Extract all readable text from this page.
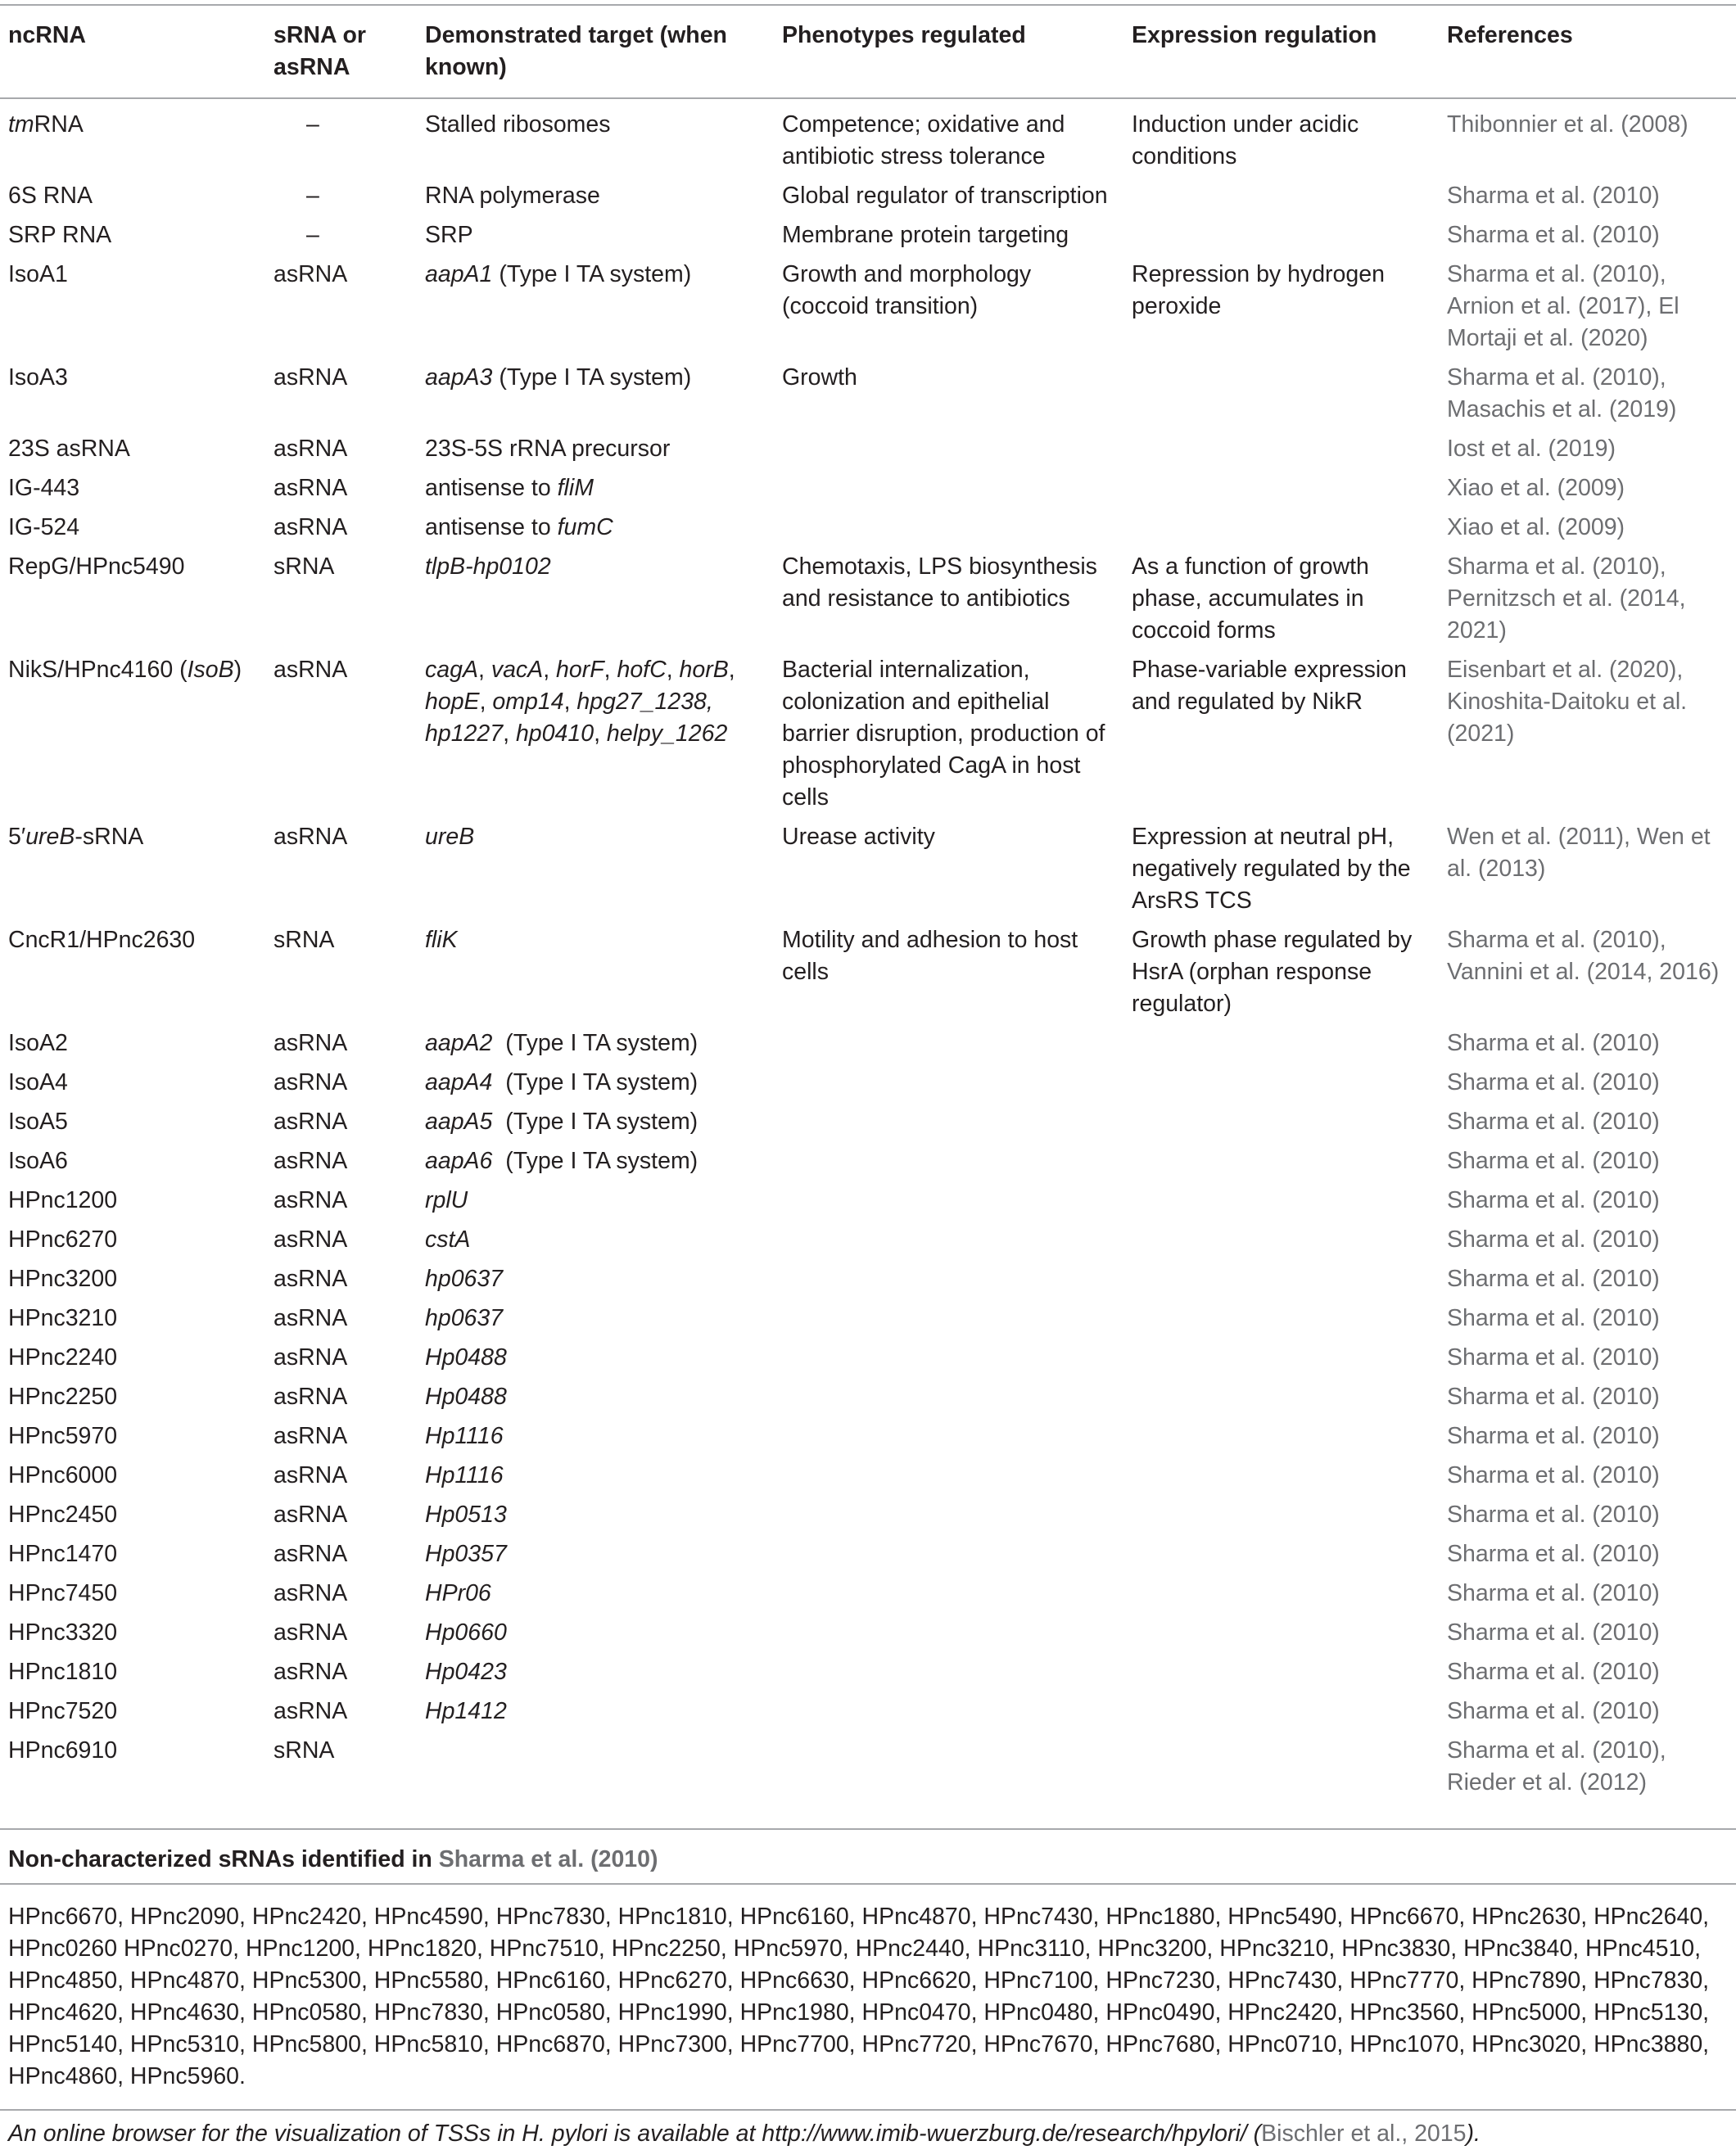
ncRNA	sRNA or asRNA	Demonstrated target (when known)	Phenotypes regulated	Expression regulation	References
tmRNA	–	Stalled ribosomes	Competence; oxidative and antibiotic stress tolerance	Induction under acidic conditions	Thibonnier et al. (2008)
6S RNA	–	RNA polymerase	Global regulator of transcription		Sharma et al. (2010)
SRP RNA	–	SRP	Membrane protein targeting		Sharma et al. (2010)
IsoA1	asRNA	aapA1 (Type I TA system)	Growth and morphology (coccoid transition)	Repression by hydrogen peroxide	Sharma et al. (2010), Arnion et al. (2017), El Mortaji et al. (2020)
IsoA3	asRNA	aapA3 (Type I TA system)	Growth		Sharma et al. (2010), Masachis et al. (2019)
23S asRNA	asRNA	23S-5S rRNA precursor			Iost et al. (2019)
IG-443	asRNA	antisense to fliM			Xiao et al. (2009)
IG-524	asRNA	antisense to fumC			Xiao et al. (2009)
RepG/HPnc5490	sRNA	tlpB-hp0102	Chemotaxis, LPS biosynthesis and resistance to antibiotics	As a function of growth phase, accumulates in coccoid forms	Sharma et al. (2010), Pernitzsch et al. (2014, 2021)
NikS/HPnc4160 (IsoB)	asRNA	cagA, vacA, horF, hofC, horB, hopE, omp14, hpg27_1238, hp1227, hp0410, helpy_1262	Bacterial internalization, colonization and epithelial barrier disruption, production of phosphorylated CagA in host cells	Phase-variable expression and regulated by NikR	Eisenbart et al. (2020), Kinoshita-Daitoku et al. (2021)
5′ureB-sRNA	asRNA	ureB	Urease activity	Expression at neutral pH, negatively regulated by the ArsRS TCS	Wen et al. (2011), Wen et al. (2013)
CncR1/HPnc2630	sRNA	fliK	Motility and adhesion to host cells	Growth phase regulated by HsrA (orphan response regulator)	Sharma et al. (2010), Vannini et al. (2014, 2016)
IsoA2	asRNA	aapA2  (Type I TA system)			Sharma et al. (2010)
IsoA4	asRNA	aapA4  (Type I TA system)			Sharma et al. (2010)
IsoA5	asRNA	aapA5  (Type I TA system)			Sharma et al. (2010)
IsoA6	asRNA	aapA6  (Type I TA system)			Sharma et al. (2010)
HPnc1200	asRNA	rplU			Sharma et al. (2010)
HPnc6270	asRNA	cstA			Sharma et al. (2010)
HPnc3200	asRNA	hp0637			Sharma et al. (2010)
HPnc3210	asRNA	hp0637			Sharma et al. (2010)
HPnc2240	asRNA	Hp0488			Sharma et al. (2010)
HPnc2250	asRNA	Hp0488			Sharma et al. (2010)
HPnc5970	asRNA	Hp1116			Sharma et al. (2010)
HPnc6000	asRNA	Hp1116			Sharma et al. (2010)
HPnc2450	asRNA	Hp0513			Sharma et al. (2010)
HPnc1470	asRNA	Hp0357			Sharma et al. (2010)
HPnc7450	asRNA	HPr06			Sharma et al. (2010)
HPnc3320	asRNA	Hp0660			Sharma et al. (2010)
HPnc1810	asRNA	Hp0423			Sharma et al. (2010)
HPnc7520	asRNA	Hp1412			Sharma et al. (2010)
HPnc6910	sRNA				Sharma et al. (2010), Rieder et al. (2012)
Non-characterized sRNAs identified in Sharma et al. (2010)
HPnc6670, HPnc2090, HPnc2420, HPnc4590, HPnc7830, HPnc1810, HPnc6160, HPnc4870, HPnc7430, HPnc1880, HPnc5490, HPnc6670, HPnc2630, HPnc2640, HPnc0260 HPnc0270, HPnc1200, HPnc1820, HPnc7510, HPnc2250, HPnc5970, HPnc2440, HPnc3110, HPnc3200, HPnc3210, HPnc3830, HPnc3840, HPnc4510, HPnc4850, HPnc4870, HPnc5300, HPnc5580, HPnc6160, HPnc6270, HPnc6630, HPnc6620, HPnc7100, HPnc7230, HPnc7430, HPnc7770, HPnc7890, HPnc7830, HPnc4620, HPnc4630, HPnc0580, HPnc7830, HPnc0580, HPnc1990, HPnc1980, HPnc0470, HPnc0480, HPnc0490, HPnc2420, HPnc3560, HPnc5000, HPnc5130, HPnc5140, HPnc5310, HPnc5800, HPnc5810, HPnc6870, HPnc7300, HPnc7700, HPnc7720, HPnc7670, HPnc7680, HPnc0710, HPnc1070, HPnc3020, HPnc3880, HPnc4860, HPnc5960.
An online browser for the visualization of TSSs in H. pylori is available at http://www.imib-wuerzburg.de/research/hpylori/ (Bischler et al., 2015).
